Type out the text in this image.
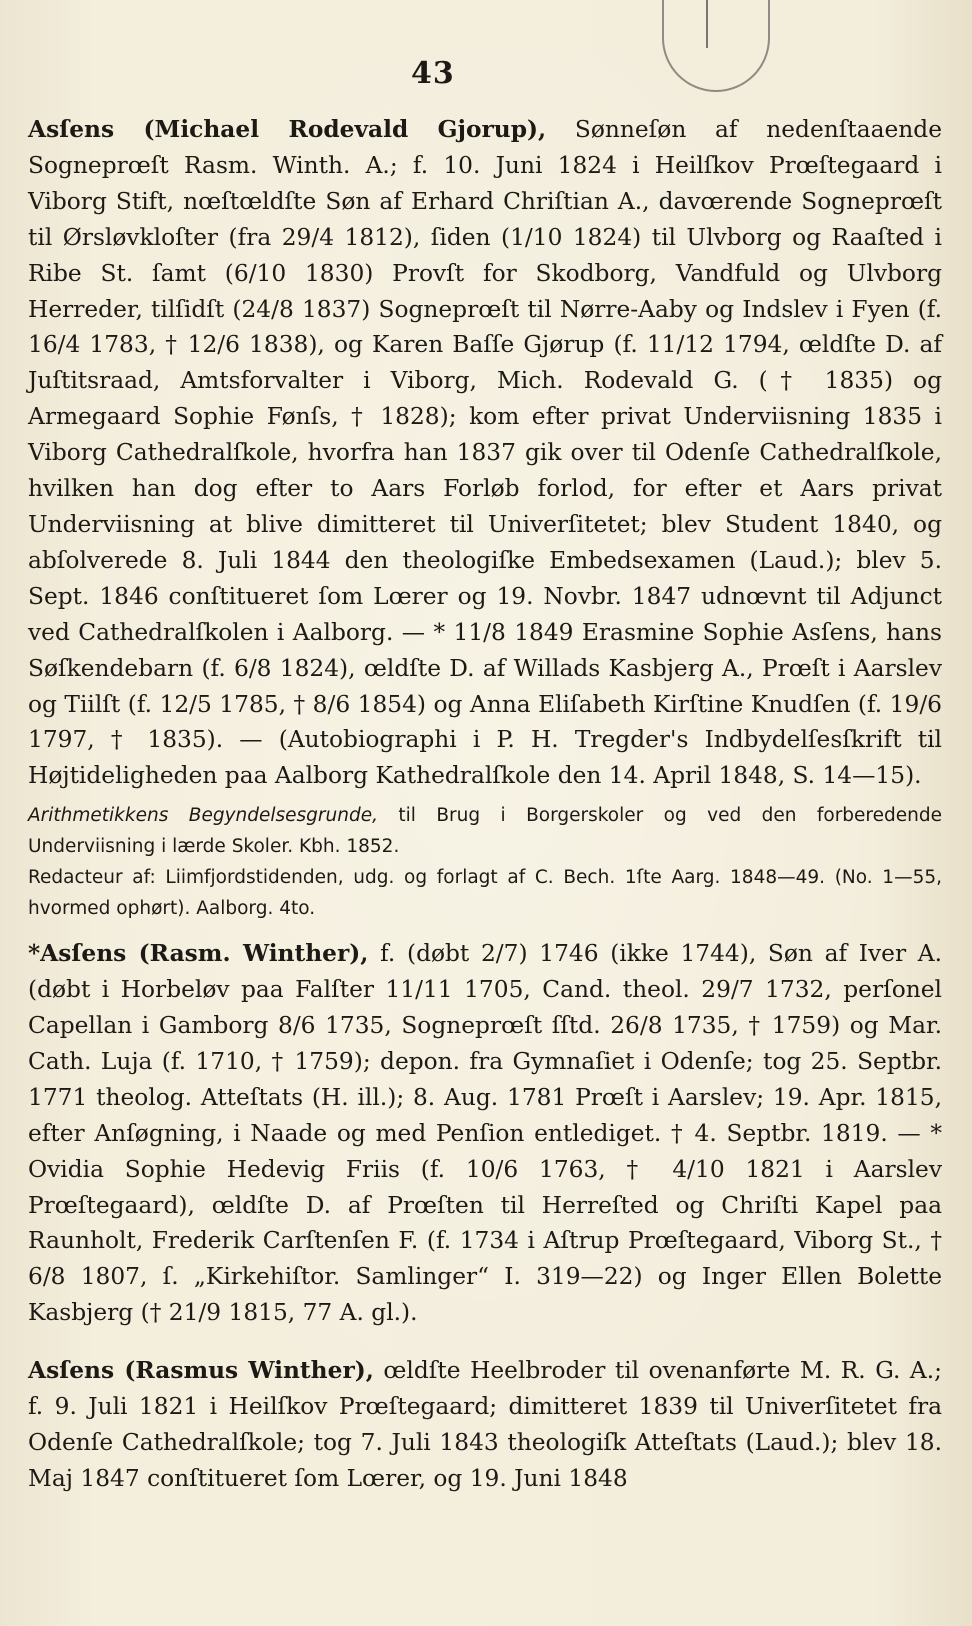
43

Asſens (Michael Rodevald Gjorup), Sønneſøn af nedenſtaaende Sogneprœſt Rasm. Winth. A.; f. 10. Juni 1824 i Heilſkov Prœſtegaard i Viborg Stift, nœſtœldſte Søn af Erhard Chriſtian A., davœrende Sogneprœſt til Ørsløvkloſter (fra 29/4 1812), ſiden (1/10 1824) til Ulvborg og Raaſted i Ribe St. ſamt (6/10 1830) Provſt for Skodborg, Vandfuld og Ulvborg Herreder, tilſidſt (24/8 1837) Sogneprœſt til Nørre-Aaby og Indslev i Fyen (f. 16/4 1783, † 12/6 1838), og Karen Baſſe Gjørup (f. 11/12 1794, œldſte D. af Juſtitsraad, Amtsforvalter i Viborg, Mich. Rodevald G. († 1835) og Armegaard Sophie Fønſs, † 1828); kom efter privat Underviisning 1835 i Viborg Cathedralſkole, hvorfra han 1837 gik over til Odenſe Cathedralſkole, hvilken han dog efter to Aars Forløb forlod, for efter et Aars privat Underviisning at blive dimitteret til Univerſitetet; blev Student 1840, og abſolverede 8. Juli 1844 den theologiſke Embedsexamen (Laud.); blev 5. Sept. 1846 conſtitueret ſom Lœrer og 19. Novbr. 1847 udnœvnt til Adjunct ved Cathedralſkolen i Aalborg. — * 11/8 1849 Erasmine Sophie Asſens, hans Søſkendebarn (f. 6/8 1824), œldſte D. af Willads Kasbjerg A., Prœſt i Aarslev og Tiilſt (f. 12/5 1785, † 8/6 1854) og Anna Eliſabeth Kirſtine Knudſen (f. 19/6 1797, † 1835). — (Autobiographi i P. H. Tregder's Indbydelſesſkrift til Højtideligheden paa Aalborg Kathedralſkole den 14. April 1848, S. 14—15).

Arithmetikkens Begyndelsesgrunde, til Brug i Borgerskoler og ved den forberedende Underviisning i lærde Skoler. Kbh. 1852.

Redacteur af: Liimfjordstidenden, udg. og forlagt af C. Bech. 1ſte Aarg. 1848—49. (No. 1—55, hvormed ophørt). Aalborg. 4to.

*Asſens (Rasm. Winther), f. (døbt 2/7) 1746 (ikke 1744), Søn af Iver A. (døbt i Horbeløv paa Falſter 11/11 1705, Cand. theol. 29/7 1732, perſonel Capellan i Gamborg 8/6 1735, Sogneprœſt ſſtd. 26/8 1735, † 1759) og Mar. Cath. Luja (f. 1710, † 1759); depon. fra Gymnaſiet i Odenſe; tog 25. Septbr. 1771 theolog. Atteſtats (H. ill.); 8. Aug. 1781 Prœſt i Aarslev; 19. Apr. 1815, efter Anſøgning, i Naade og med Penſion entlediget. † 4. Septbr. 1819. — * Ovidia Sophie Hedevig Friis (f. 10/6 1763, † 4/10 1821 i Aarslev Prœſtegaard), œldſte D. af Prœſten til Herreſted og Chriſti Kapel paa Raunholt, Frederik Carſtenſen F. (f. 1734 i Aſtrup Prœſtegaard, Viborg St., † 6/8 1807, ſ. „Kirkehiſtor. Samlinger“ I. 319—22) og Inger Ellen Bolette Kasbjerg († 21/9 1815, 77 A. gl.).

Asſens (Rasmus Winther), œldſte Heelbroder til ovenanførte M. R. G. A.; f. 9. Juli 1821 i Heilſkov Prœſtegaard; dimitteret 1839 til Univerſitetet fra Odenſe Cathedralſkole; tog 7. Juli 1843 theologiſk Atteſtats (Laud.); blev 18. Maj 1847 conſtitueret ſom Lœrer, og 19. Juni 1848
